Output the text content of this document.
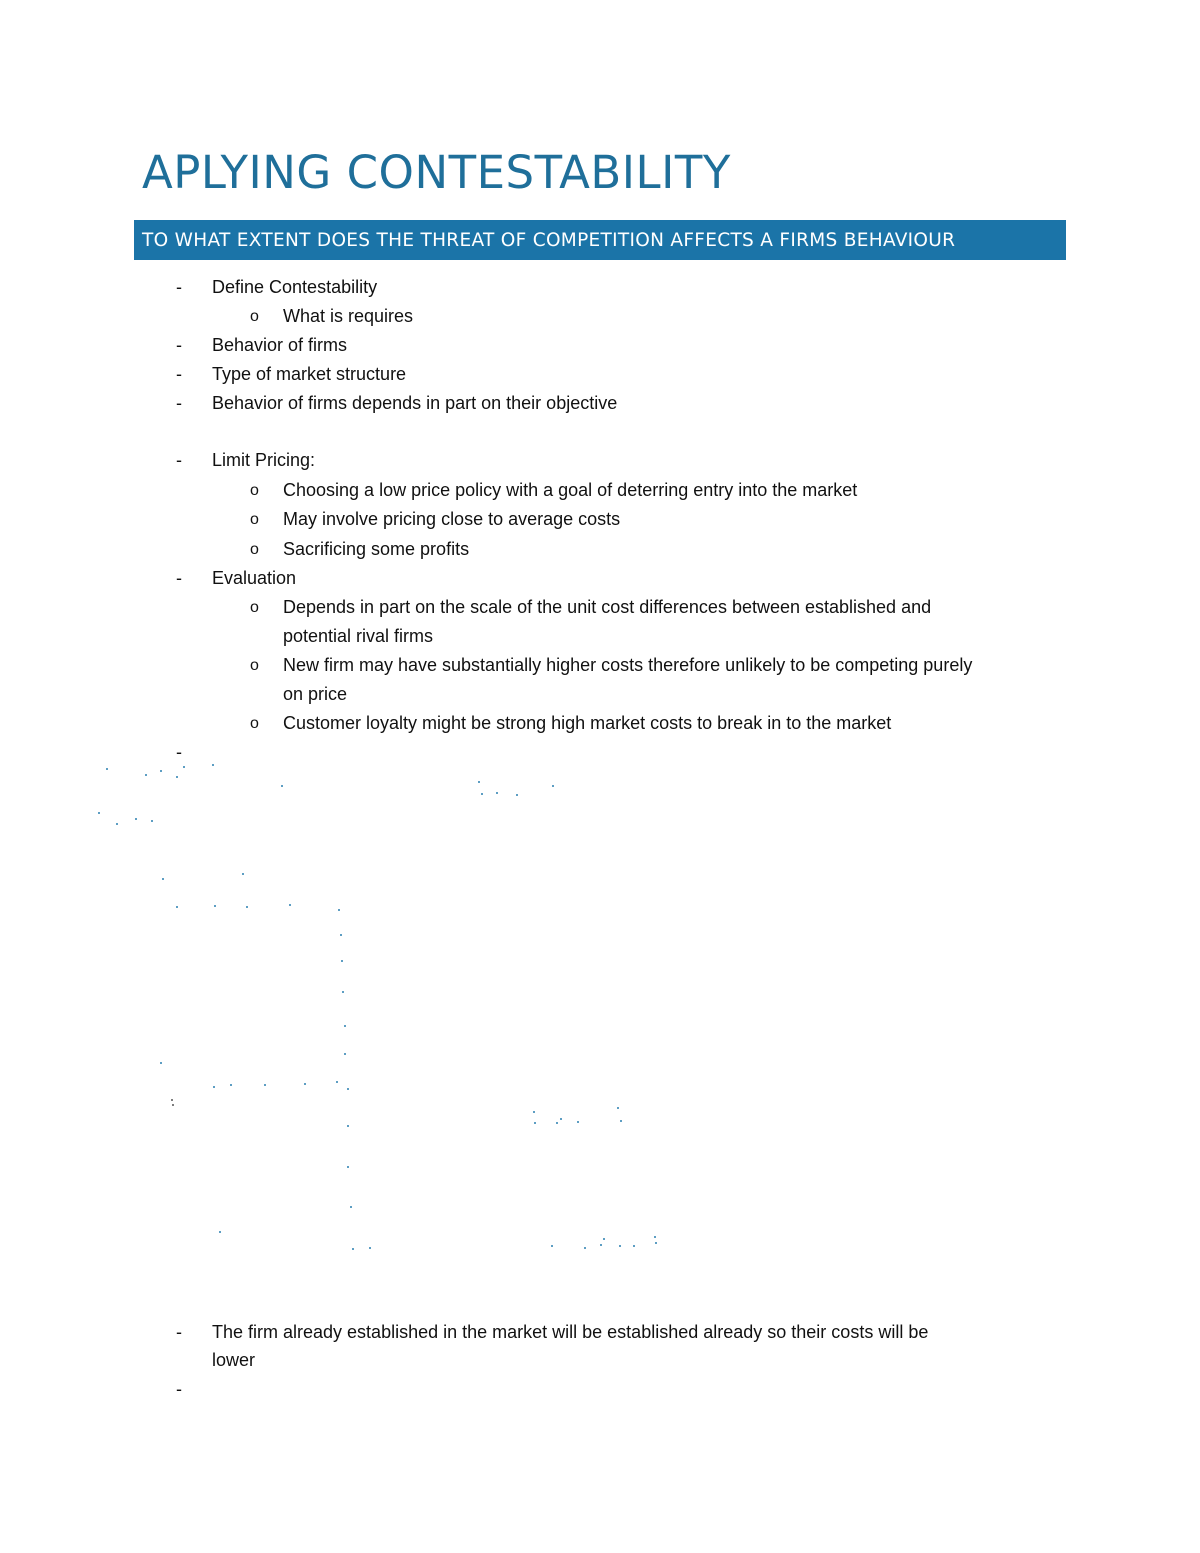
APLYING CONTESTABILITY
TO WHAT EXTENT DOES THE THREAT OF COMPETITION AFFECTS A FIRMS BEHAVIOUR
- Define Contestability
o What is requires
- Behavior of firms
- Type of market structure
- Behavior of firms depends in part on their objective
- Limit Pricing:
o Choosing a low price policy with a goal of deterring entry into the market
o May involve pricing close to average costs
o Sacrificing some profits
- Evaluation
o Depends in part on the scale of the unit cost differences between established and
potential rival firms
o New firm may have substantially higher costs therefore unlikely to be competing purely
on price
o Customer loyalty might be strong high market costs to break in to the market
-
- The firm already established in the market will be established already so their costs will be
lower
-
